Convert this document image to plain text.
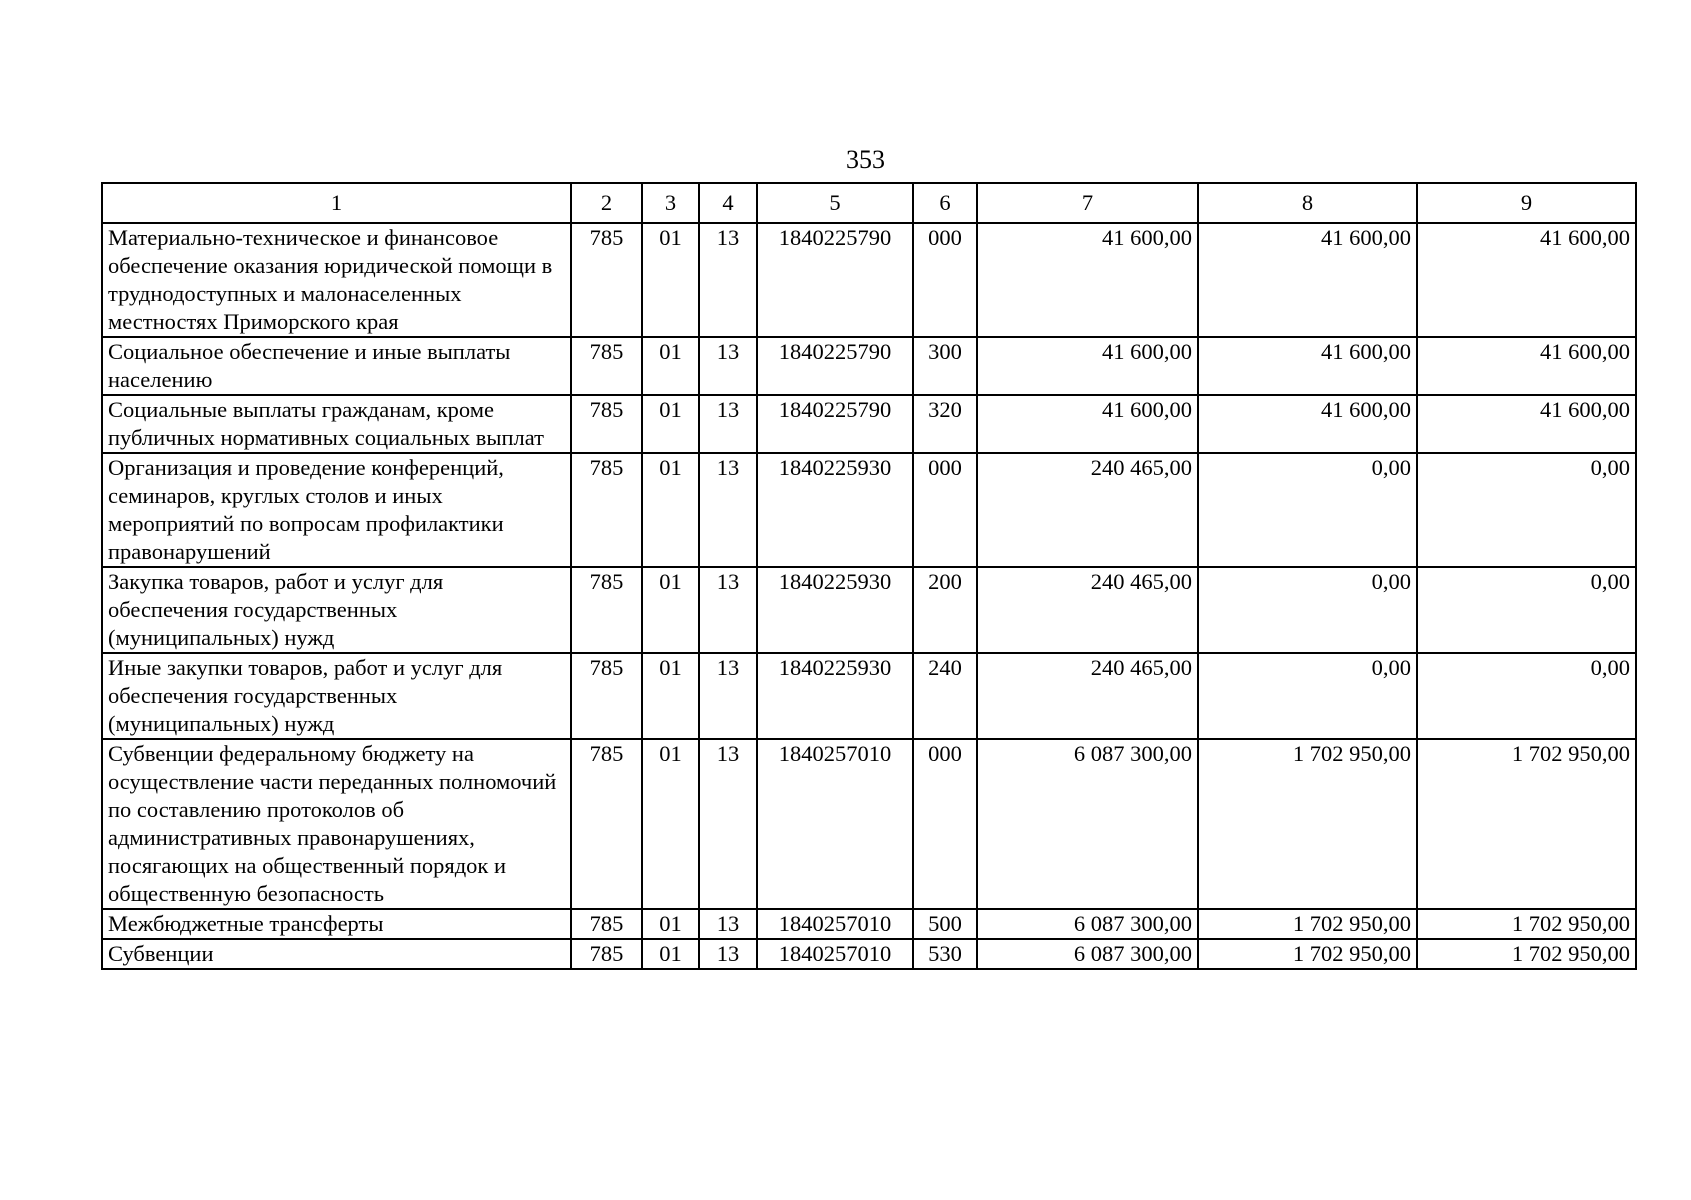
353
1	2	3	4	5	6	7	8	9
Материально-техническое и финансовое обеспечение оказания юридической помощи в труднодоступных и малонаселенных местностях Приморского края	785	01	13	1840225790	000	41 600,00	41 600,00	41 600,00
Социальное обеспечение и иные выплаты населению	785	01	13	1840225790	300	41 600,00	41 600,00	41 600,00
Социальные выплаты гражданам, кроме публичных нормативных социальных выплат	785	01	13	1840225790	320	41 600,00	41 600,00	41 600,00
Организация и проведение конференций, семинаров, круглых столов и иных мероприятий по вопросам профилактики правонарушений	785	01	13	1840225930	000	240 465,00	0,00	0,00
Закупка товаров, работ и услуг для обеспечения государственных (муниципальных) нужд	785	01	13	1840225930	200	240 465,00	0,00	0,00
Иные закупки товаров, работ и услуг для обеспечения государственных (муниципальных) нужд	785	01	13	1840225930	240	240 465,00	0,00	0,00
Субвенции федеральному бюджету на осуществление части переданных полномочий по составлению протоколов об административных правонарушениях, посягающих на общественный порядок и общественную безопасность	785	01	13	1840257010	000	6 087 300,00	1 702 950,00	1 702 950,00
Межбюджетные трансферты	785	01	13	1840257010	500	6 087 300,00	1 702 950,00	1 702 950,00
Субвенции	785	01	13	1840257010	530	6 087 300,00	1 702 950,00	1 702 950,00
